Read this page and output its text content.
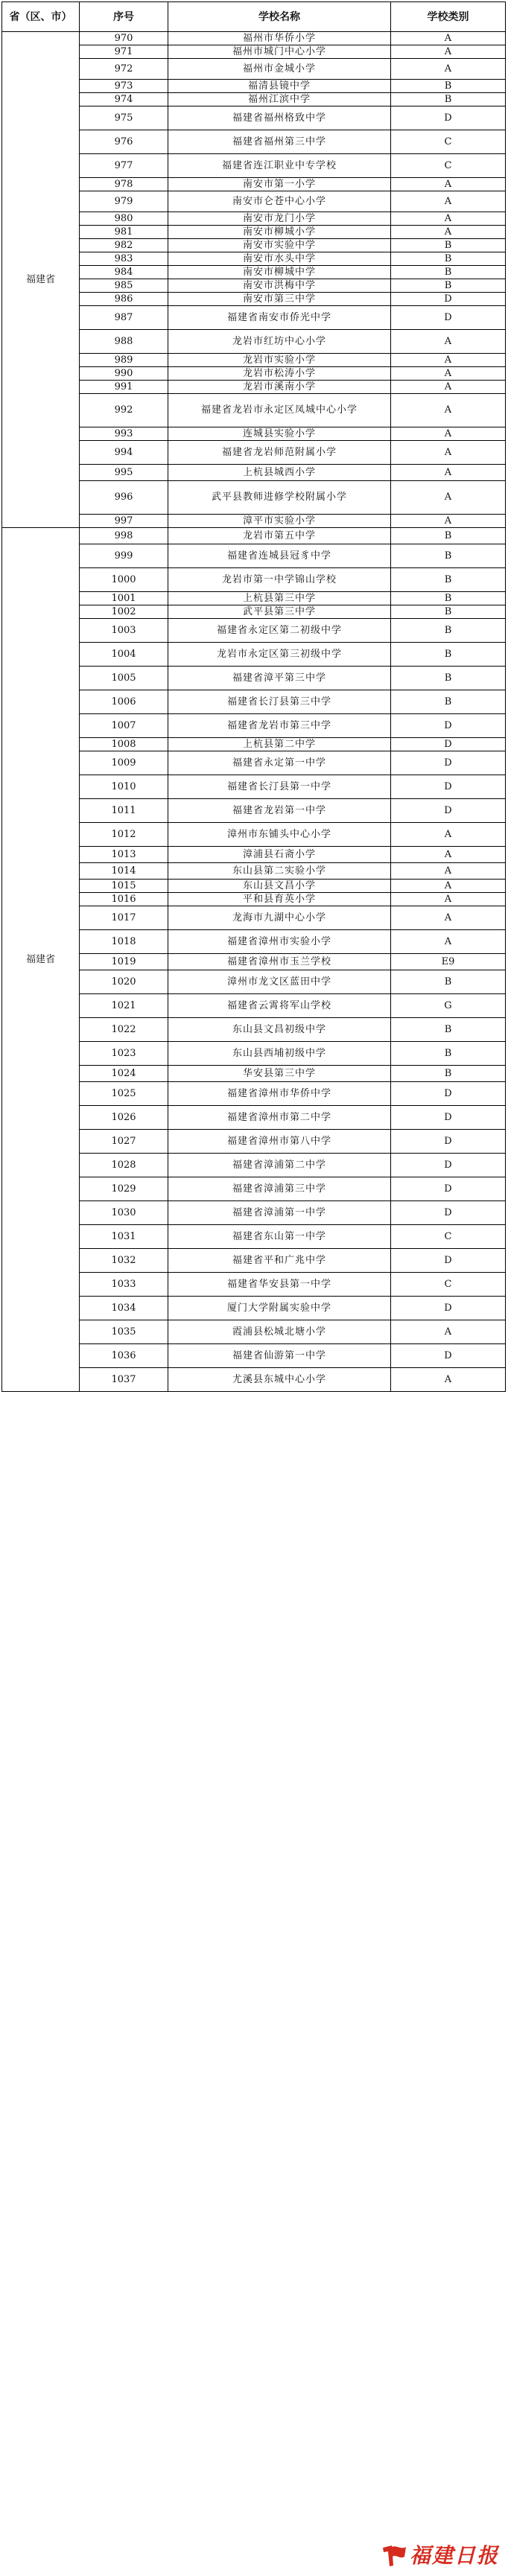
省（区、市）	序号	学校名称	学校类别
福建省	970	福州市华侨小学	A
	971	福州市城门中心小学	A
	972	福州市金城小学	A
	973	福清县镜中学	B
	974	福州江滨中学	B
	975	福建省福州格致中学	D
	976	福建省福州第三中学	C
	977	福建省连江职业中专学校	C
	978	南安市第一小学	A
	979	南安市仑苍中心小学	A
	980	南安市龙门小学	A
	981	南安市柳城小学	A
	982	南安市实验中学	B
	983	南安市水头中学	B
	984	南安市柳城中学	B
	985	南安市洪梅中学	B
	986	南安市第三中学	D
	987	福建省南安市侨光中学	D
	988	龙岩市红坊中心小学	A
	989	龙岩市实验小学	A
	990	龙岩市松涛小学	A
	991	龙岩市溪南小学	A
	992	福建省龙岩市永定区凤城中心小学	A
	993	连城县实验小学	A
	994	福建省龙岩师范附属小学	A
	995	上杭县城西小学	A
	996	武平县教师进修学校附属小学	A
	997	漳平市实验小学	A
福建省	998	龙岩市第五中学	B
	999	福建省连城县冠豸中学	B
	1000	龙岩市第一中学锦山学校	B
	1001	上杭县第三中学	B
	1002	武平县第三中学	B
	1003	福建省永定区第二初级中学	B
	1004	龙岩市永定区第三初级中学	B
	1005	福建省漳平第三中学	B
	1006	福建省长汀县第三中学	B
	1007	福建省龙岩市第三中学	D
	1008	上杭县第二中学	D
	1009	福建省永定第一中学	D
	1010	福建省长汀县第一中学	D
	1011	福建省龙岩第一中学	D
	1012	漳州市东铺头中心小学	A
	1013	漳浦县石斋小学	A
	1014	东山县第二实验小学	A
	1015	东山县文昌小学	A
	1016	平和县育英小学	A
	1017	龙海市九湖中心小学	A
	1018	福建省漳州市实验小学	A
	1019	福建省漳州市玉兰学校	E9
	1020	漳州市龙文区蓝田中学	B
	1021	福建省云霄将军山学校	G
	1022	东山县文昌初级中学	B
	1023	东山县西埔初级中学	B
	1024	华安县第三中学	B
	1025	福建省漳州市华侨中学	D
	1026	福建省漳州市第二中学	D
	1027	福建省漳州市第八中学	D
	1028	福建省漳浦第二中学	D
	1029	福建省漳浦第三中学	D
	1030	福建省漳浦第一中学	D
	1031	福建省东山第一中学	C
	1032	福建省平和广兆中学	D
	1033	福建省华安县第一中学	C
	1034	厦门大学附属实验中学	D
	1035	霞浦县松城北塘小学	A
	1036	福建省仙游第一中学	D
	1037	尤溪县东城中心小学	A
福建日报
